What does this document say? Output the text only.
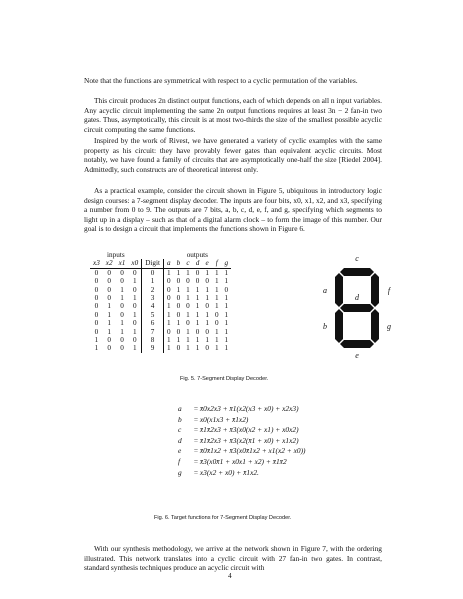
Note that the functions are symmetrical with respect to a cyclic permutation of the variables.

This circuit produces 2n distinct output functions, each of which depends on all n input variables. Any acyclic circuit implementing the same 2n output functions requires at least 3n − 2 fan-in two gates. Thus, asymptotically, this circuit is at most two-thirds the size of the smallest possible acyclic circuit computing the same functions.

Inspired by the work of Rivest, we have generated a variety of cyclic examples with the same property as his circuit: they have provably fewer gates than equivalent acyclic circuits. Most notably, we have found a family of circuits that are asymptotically one-half the size [Riedel 2004]. Admittedly, such constructs are of theoretical interest only.

As a practical example, consider the circuit shown in Figure 5, ubiquitous in introductory logic design courses: a 7-segment display decoder. The inputs are four bits, x0, x1, x2, and x3, specifying a number from 0 to 9. The outputs are 7 bits, a, b, c, d, e, f, and g, specifying which segments to light up in a display – such as that of a digital alarm clock – to form the image of this number. Our goal is to design a circuit that implements the functions shown in Figure 6.

inputs					outputs						
x3	x2	x1	x0	Digit	a	b	c	d	e	f	g
0	0	0	0	0	1	1	1	0	1	1	1
0	0	0	1	1	0	0	0	0	0	1	1
0	0	1	0	2	0	1	1	1	1	1	0
0	0	1	1	3	0	0	1	1	1	1	1
0	1	0	0	4	1	0	0	1	0	1	1
0	1	0	1	5	1	0	1	1	1	0	1
0	1	1	0	6	1	1	0	1	1	0	1
0	1	1	1	7	0	0	1	0	0	1	1
1	0	0	0	8	1	1	1	1	1	1	1
1	0	0	1	9	1	0	1	1	0	1	1
c
a	f
d
b	g
e

Fig. 5. 7-Segment Display Decoder.

a = x̄0x2x3 + x̄1(x2(x3 + x0) + x2x3)
b = x0(x1x3 + x̄1x2)
c = x̄1x̄2x3 + x̄3(x0(x2 + x1) + x0x2)
d = x̄1x̄2x3 + x̄3(x2(x̄1 + x0) + x1x2)
e = x̄0x̄1x2 + x̄3(x0x̄1x2 + x1(x2 + x0))
f = x̄3(x0x̄1 + x0x1 + x2) + x̄1x̄2
g = x3(x2 + x0) + x̄1x2.

Fig. 6. Target functions for 7-Segment Display Decoder.

With our synthesis methodology, we arrive at the network shown in Figure 7, with the ordering illustrated. This network translates into a cyclic circuit with 27 fan-in two gates. In contrast, standard synthesis techniques produce an acyclic circuit with

4
